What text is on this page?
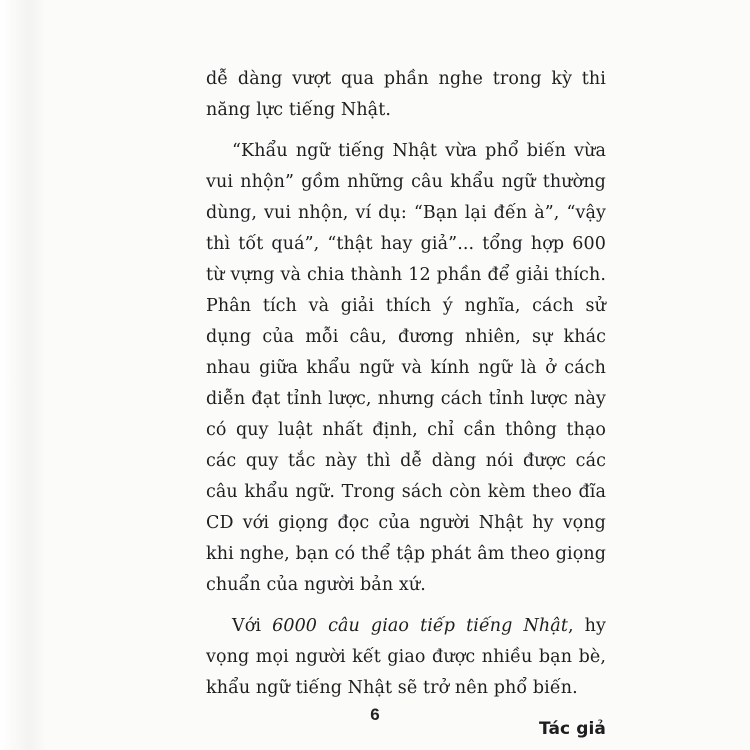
dễ dàng vượt qua phần nghe trong kỳ thi năng lực tiếng Nhật.

“Khẩu ngữ tiếng Nhật vừa phổ biến vừa vui nhộn” gồm những câu khẩu ngữ thường dùng, vui nhộn, ví dụ: “Bạn lại đến à”, “vậy thì tốt quá”, “thật hay giả”... tổng hợp 600 từ vựng và chia thành 12 phần để giải thích. Phân tích và giải thích ý nghĩa, cách sử dụng của mỗi câu, đương nhiên, sự khác nhau giữa khẩu ngữ và kính ngữ là ở cách diễn đạt tỉnh lược, nhưng cách tỉnh lược này có quy luật nhất định, chỉ cần thông thạo các quy tắc này thì dễ dàng nói được các câu khẩu ngữ. Trong sách còn kèm theo đĩa CD với giọng đọc của người Nhật hy vọng khi nghe, bạn có thể tập phát âm theo giọng chuẩn của người bản xứ.

Với 6000 câu giao tiếp tiếng Nhật, hy vọng mọi người kết giao được nhiều bạn bè, khẩu ngữ tiếng Nhật sẽ trở nên phổ biến.

Tác giả
6
